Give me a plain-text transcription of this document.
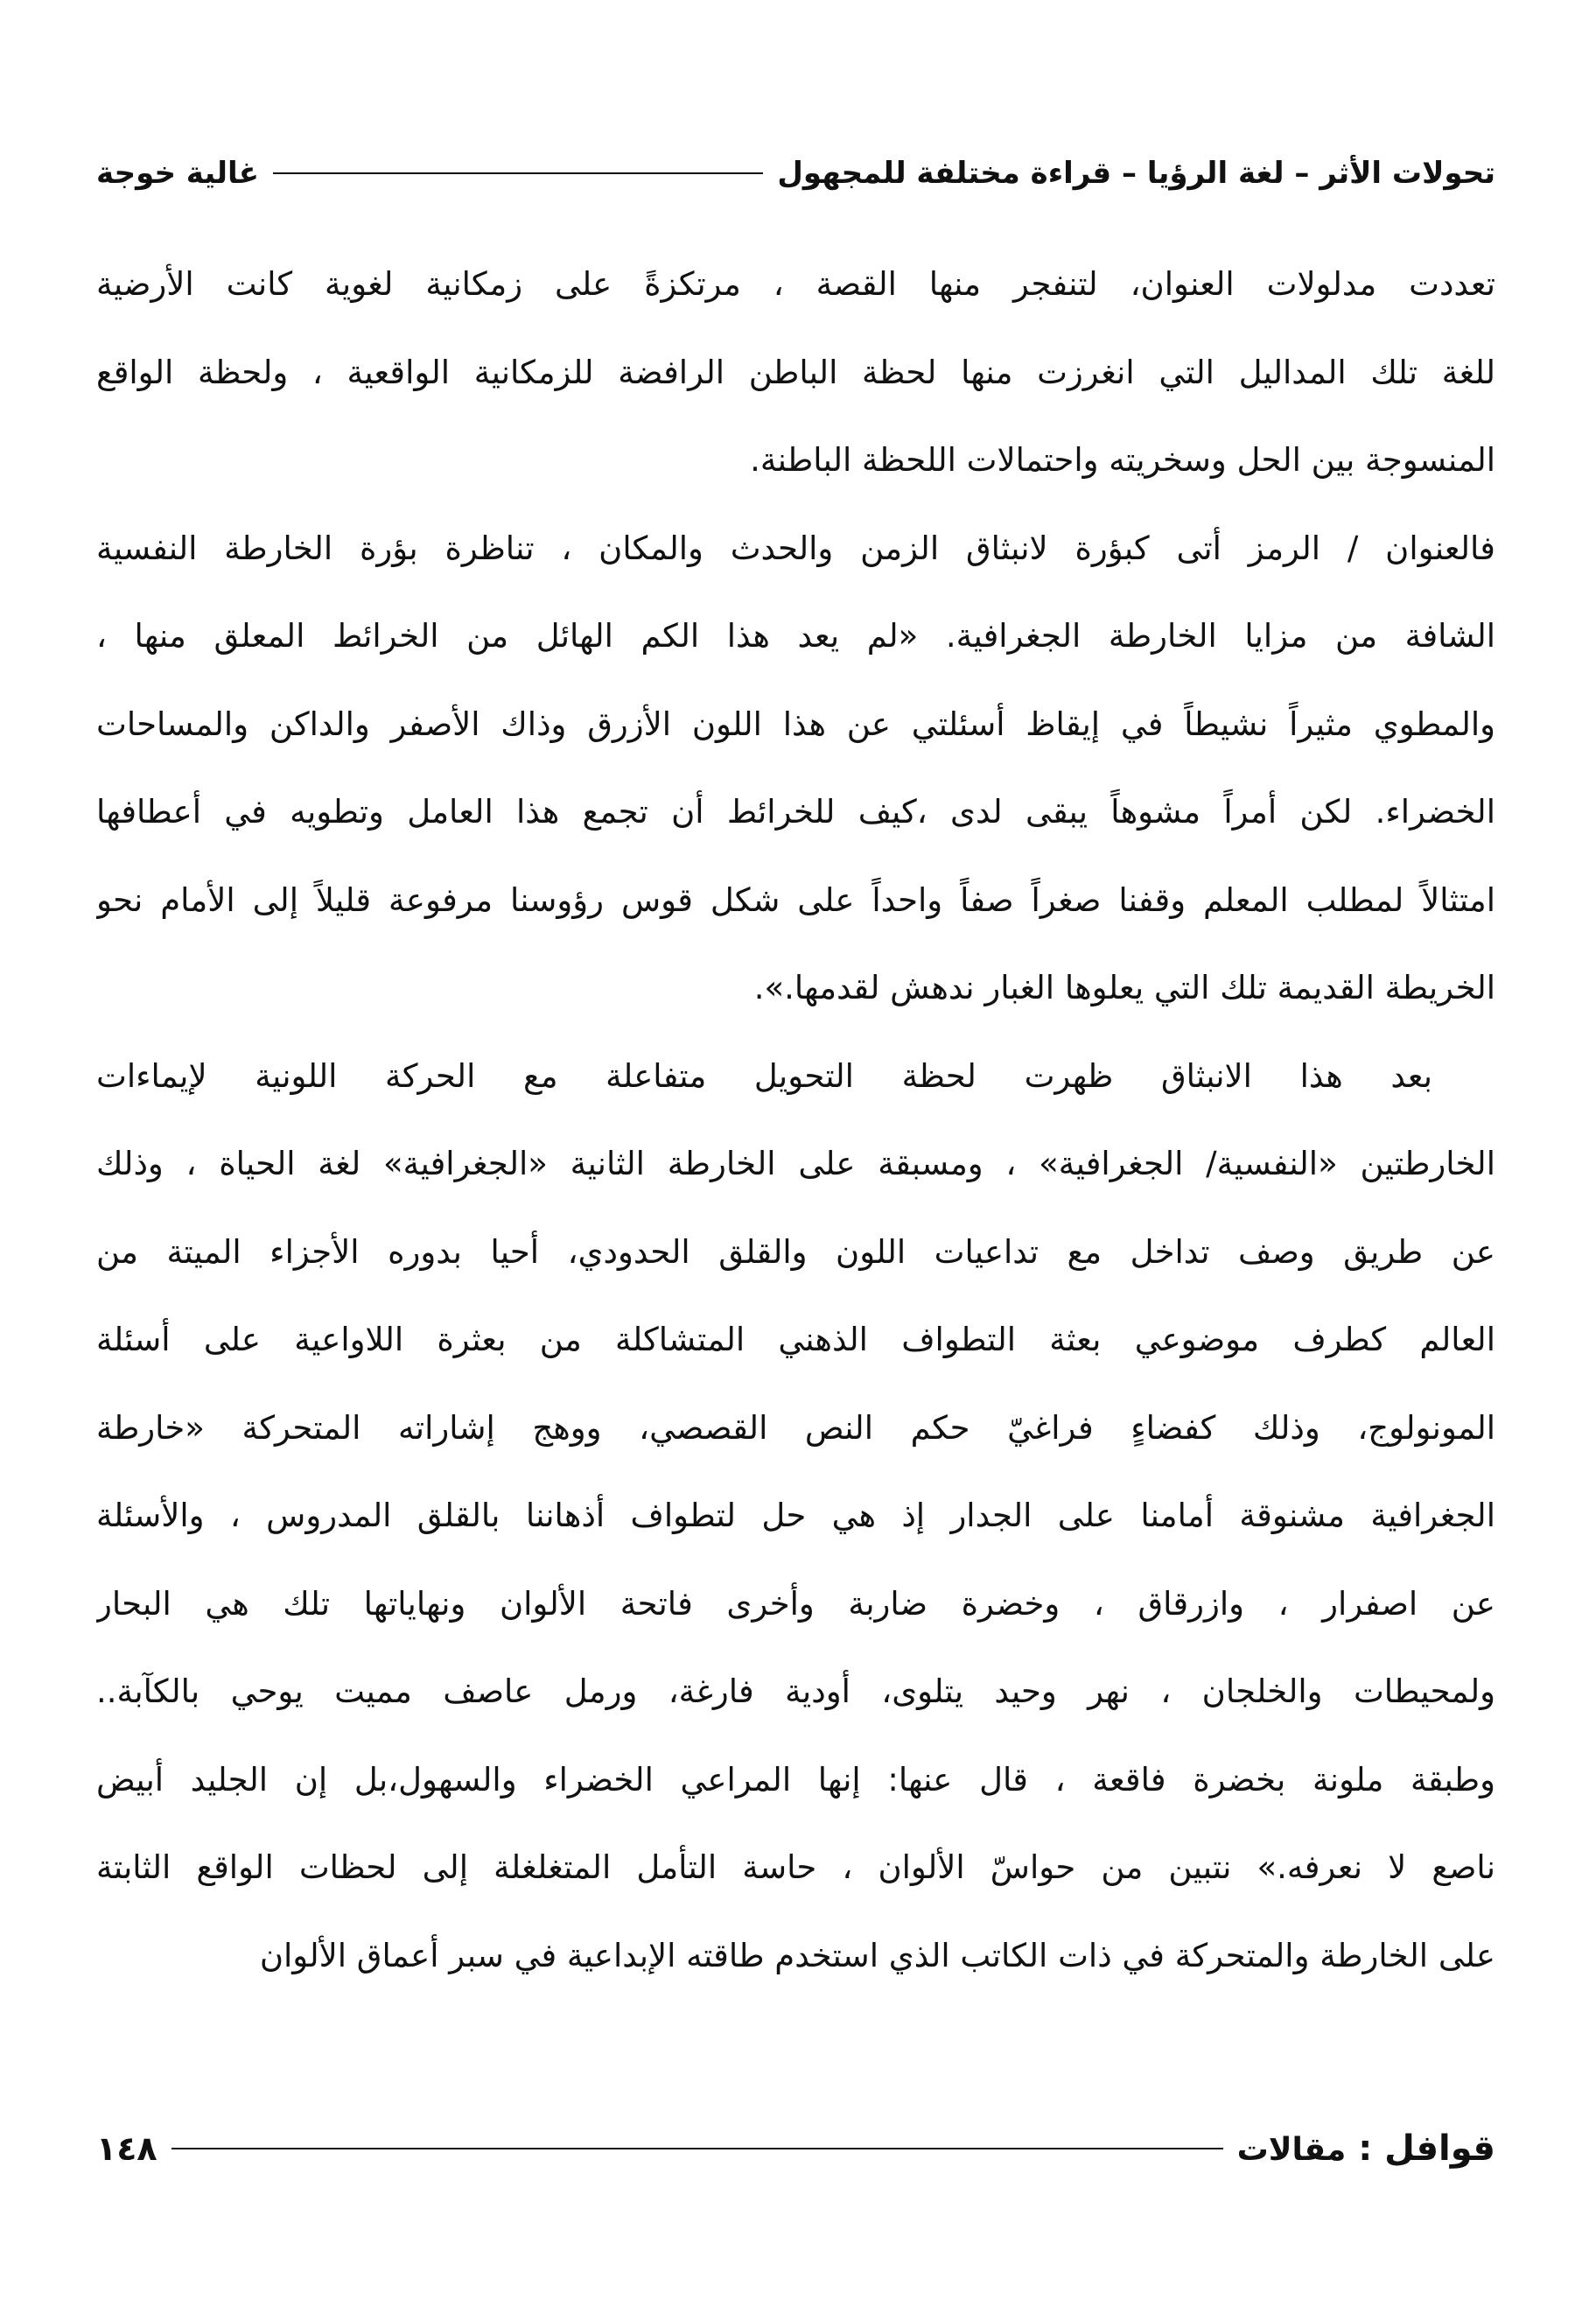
تحولات الأثر – لغة الرؤيا – قراءة مختلفة للمجهول
غالية خوجة
تعددت مدلولات العنوان، لتنفجر منها القصة ، مرتكزةً على زمكانية لغوية كانت الأرضية
للغة تلك المداليل التي انغرزت منها لحظة الباطن الرافضة للزمكانية الواقعية ، ولحظة الواقع
المنسوجة بين الحل وسخريته واحتمالات اللحظة الباطنة.
فالعنوان / الرمز أتى كبؤرة لانبثاق الزمن والحدث والمكان ، تناظرة بؤرة الخارطة النفسية
الشافة من مزايا الخارطة الجغرافية. «لم يعد هذا الكم الهائل من الخرائط المعلق منها ،
والمطوي مثيراً نشيطاً في إيقاظ أسئلتي عن هذا اللون الأزرق وذاك الأصفر والداكن والمساحات
الخضراء. لكن أمراً مشوهاً يبقى لدى ،كيف للخرائط أن تجمع هذا العامل وتطويه في أعطافها
امتثالاً لمطلب المعلم وقفنا صغراً صفاً واحداً على شكل قوس رؤوسنا مرفوعة قليلاً إلى الأمام نحو
الخريطة القديمة تلك التي يعلوها الغبار ندهش لقدمها.».
بعد هذا الانبثاق ظهرت لحظة التحويل متفاعلة مع الحركة اللونية لإيماءات
الخارطتين «النفسية/ الجغرافية» ، ومسبقة على الخارطة الثانية «الجغرافية» لغة الحياة ، وذلك
عن طريق وصف تداخل مع تداعيات اللون والقلق الحدودي، أحيا بدوره الأجزاء الميتة من
العالم كطرف موضوعي بعثة التطواف الذهني المتشاكلة من بعثرة اللاواعية على أسئلة
المونولوج، وذلك كفضاءٍ فراغيّ حكم النص القصصي، ووهج إشاراته المتحركة «خارطة
الجغرافية مشنوقة أمامنا على الجدار إذ هي حل لتطواف أذهاننا بالقلق المدروس ، والأسئلة
عن اصفرار ، وازرقاق ، وخضرة ضاربة وأخرى فاتحة الألوان ونهاياتها تلك هي البحار
ولمحيطات والخلجان ، نهر وحيد يتلوى، أودية فارغة، ورمل عاصف مميت يوحي بالكآبة..
وطبقة ملونة بخضرة فاقعة ، قال عنها: إنها المراعي الخضراء والسهول،بل إن الجليد أبيض
ناصع لا نعرفه.» نتبين من حواسّ الألوان ، حاسة التأمل المتغلغلة إلى لحظات الواقع الثابتة
على الخارطة والمتحركة في ذات الكاتب الذي استخدم طاقته الإبداعية في سبر أعماق الألوان
قوافل : مقالات
١٤٨
